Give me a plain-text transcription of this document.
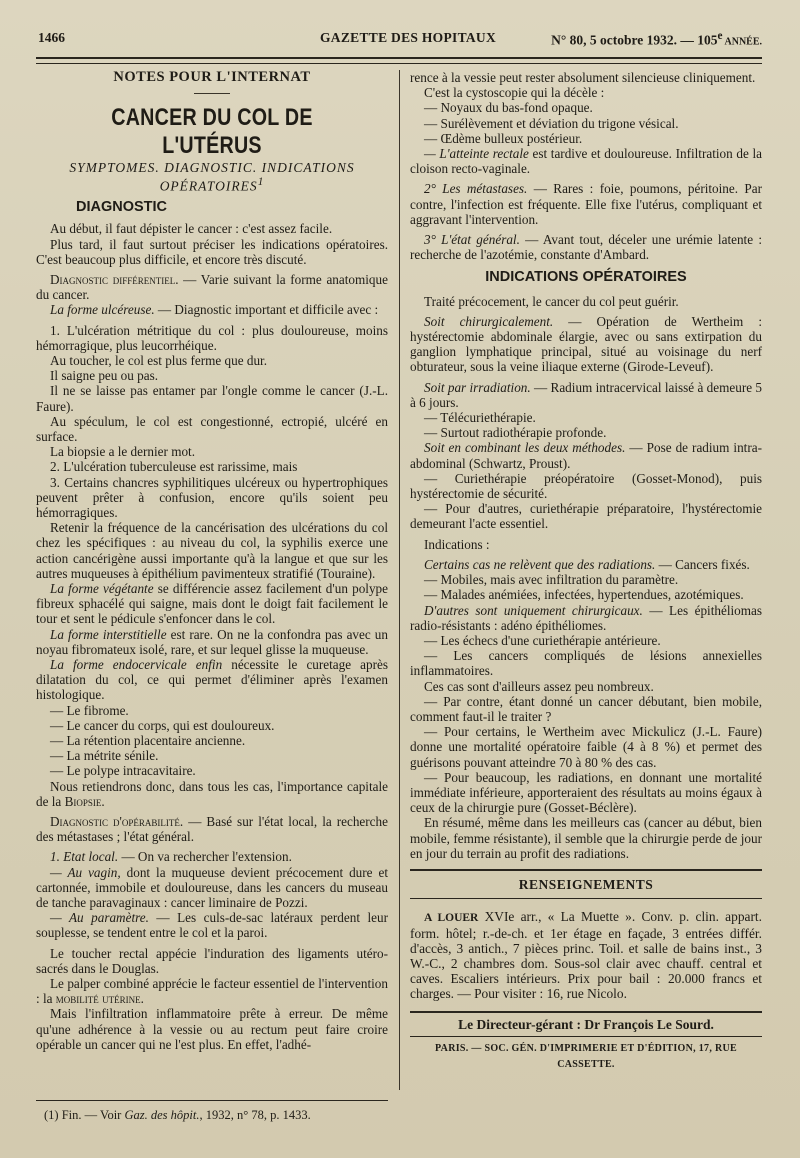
1466	GAZETTE DES HOPITAUX	N° 80, 5 octobre 1932. — 105e ANNÉE.

NOTES POUR L'INTERNAT

CANCER DU COL DE L'UTÉRUS

SYMPTOMES. DIAGNOSTIC. INDICATIONS OPÉRATOIRES$^1$

DIAGNOSTIC

Au début, il faut dépister le cancer : c'est assez facile.

Plus tard, il faut surtout préciser les indications opératoires. C'est beaucoup plus difficile, et encore très discuté.

Diagnostic différentiel. — Varie suivant la forme anatomique du cancer.

La forme ulcéreuse. — Diagnostic important et difficile avec :

1. L'ulcération métritique du col : plus douloureuse, moins hémorragique, plus leucorrhéique.

Au toucher, le col est plus ferme que dur.

Il saigne peu ou pas.

Il ne se laisse pas entamer par l'ongle comme le cancer (J.-L. Faure).

Au spéculum, le col est congestionné, ectropié, ulcéré en surface.

La biopsie a le dernier mot.

2. L'ulcération tuberculeuse est rarissime, mais

3. Certains chancres syphilitiques ulcéreux ou hypertrophiques peuvent prêter à confusion, encore qu'ils soient peu hémorragiques.

Retenir la fréquence de la cancérisation des ulcérations du col chez les spécifiques : au niveau du col, la syphilis exerce une action cancérigène aussi importante qu'à la langue et que sur les autres muqueuses à épithélium pavimenteux stratifié (Touraine).

La forme végétante se différencie assez facilement d'un polype fibreux sphacélé qui saigne, mais dont le doigt fait facilement le tour et sent le pédicule s'enfoncer dans le col.

La forme interstitielle est rare. On ne la confondra pas avec un noyau fibromateux isolé, rare, et sur lequel glisse la muqueuse.

La forme endocervicale enfin nécessite le curetage après dilatation du col, ce qui permet d'éliminer après l'examen histologique.

— Le fibrome.

— Le cancer du corps, qui est douloureux.

— La rétention placentaire ancienne.

— La métrite sénile.

— Le polype intracavitaire.

Nous retiendrons donc, dans tous les cas, l'importance capitale de la Biopsie.

Diagnostic d'opérabilité. — Basé sur l'état local, la recherche des métastases ; l'état général.

1. Etat local. — On va rechercher l'extension.

— Au vagin, dont la muqueuse devient précocement dure et cartonnée, immobile et douloureuse, dans les cancers du museau de tanche paravaginaux : cancer liminaire de Pozzi.

— Au paramètre. — Les culs-de-sac latéraux perdent leur souplesse, se tendent entre le col et la paroi.

Le toucher rectal appécie l'induration des ligaments utéro-sacrés dans le Douglas.

Le palper combiné apprécie le facteur essentiel de l'intervention : la mobilité utérine.

Mais l'infiltration inflammatoire prête à erreur. De même qu'une adhérence à la vessie ou au rectum peut faire croire opérable un cancer qui ne l'est plus. En effet, l'adhé-

(1) Fin. — Voir Gaz. des hôpit., 1932, n° 78, p. 1433.

rence à la vessie peut rester absolument silencieuse cliniquement.

C'est la cystoscopie qui la décèle :

— Noyaux du bas-fond opaque.

— Surélèvement et déviation du trigone vésical.

— Œdème bulleux postérieur.

— L'atteinte rectale est tardive et douloureuse. Infiltration de la cloison recto-vaginale.

2° Les métastases. — Rares : foie, poumons, péritoine. Par contre, l'infection est fréquente. Elle fixe l'utérus, compliquant et aggravant l'intervention.

3° L'état général. — Avant tout, déceler une urémie latente : recherche de l'azotémie, constante d'Ambard.

INDICATIONS OPÉRATOIRES

Traité précocement, le cancer du col peut guérir.

Soit chirurgicalement. — Opération de Wertheim : hystérectomie abdominale élargie, avec ou sans extirpation du ganglion lymphatique principal, situé au voisinage du nerf obturateur, sous la veine iliaque externe (Girode-Leveuf).

Soit par irradiation. — Radium intracervical laissé à demeure 5 à 6 jours.

— Télécuriethérapie.

— Surtout radiothérapie profonde.

Soit en combinant les deux méthodes. — Pose de radium intra-abdominal (Schwartz, Proust).

— Curiethérapie préopératoire (Gosset-Monod), puis hystérectomie de sécurité.

— Pour d'autres, curiethérapie préparatoire, l'hystérectomie demeurant l'acte essentiel.

Indications :

Certains cas ne relèvent que des radiations. — Cancers fixés.

— Mobiles, mais avec infiltration du paramètre.

— Malades anémiées, infectées, hypertendues, azotémiques.

D'autres sont uniquement chirurgicaux. — Les épithéliomas radio-résistants : adéno épithéliomes.

— Les échecs d'une curiethérapie antérieure.

— Les cancers compliqués de lésions annexielles inflammatoires.

Ces cas sont d'ailleurs assez peu nombreux.

— Par contre, étant donné un cancer débutant, bien mobile, comment faut-il le traiter ?

— Pour certains, le Wertheim avec Mickulicz (J.-L. Faure) donne une mortalité opératoire faible (4 à 8 %) et permet des guérisons pouvant atteindre 70 à 80 % des cas.

— Pour beaucoup, les radiations, en donnant une mortalité immédiate inférieure, apporteraient des résultats au moins égaux à ceux de la chirurgie pure (Gosset-Béclère).

En résumé, même dans les meilleurs cas (cancer au début, bien mobile, femme résistante), il semble que la chirurgie perde de jour en jour du terrain au profit des radiations.

RENSEIGNEMENTS

A LOUER XVIe arr., « La Muette ». Conv. p. clin. appart. form. hôtel; r.-de-ch. et 1er étage en façade, 3 entrées différ. d'accès, 3 antich., 7 pièces princ. Toil. et salle de bains inst., 3 W.-C., 2 chambres dom. Sous-sol clair avec chauff. central et caves. Escaliers intérieurs. Prix pour bail : 20.000 francs et charges. — Pour visiter : 16, rue Nicolo.

Le Directeur-gérant : Dr François Le Sourd.

PARIS. — SOC. GÉN. D'IMPRIMERIE ET D'ÉDITION, 17, RUE CASSETTE.
